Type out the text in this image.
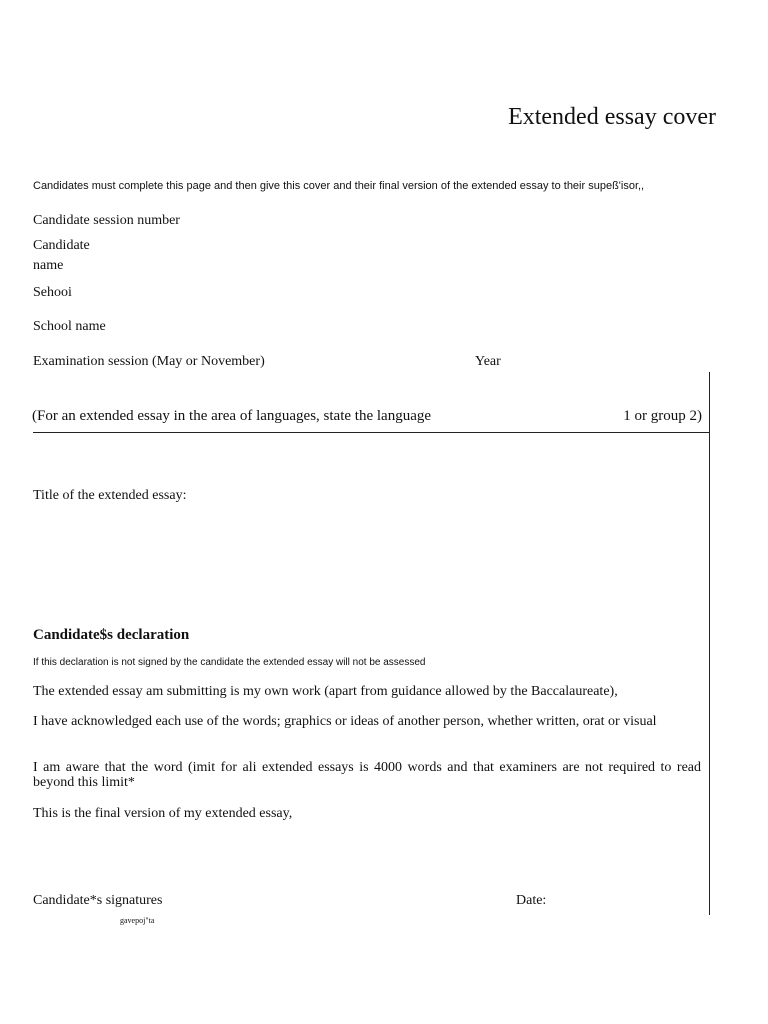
Extended essay cover
Candidates must complete this page and then give this cover and their final version of the extended essay to their supeß'isor,,
Candidate session number
Candidate
name
Sehooi
School name
Examination session (May or November)	Year
(For an extended essay in the area of languages, state the language	1 or group 2)
Title of the extended essay:
Candidate$s declaration
If this declaration is not signed by the candidate the extended essay will not be assessed
The extended essay am submitting is my own work (apart from guidance allowed by the Baccalaureate),
I have acknowledged each use of the words; graphics or ideas of another person, whether written, orat or visual
I am aware that the word (imit for ali extended essays is 4000 words and that examiners are not required to read beyond this limit*
This is the final version of my extended essay,
Candidate*s signatures	Date:
gavepoj"ta
